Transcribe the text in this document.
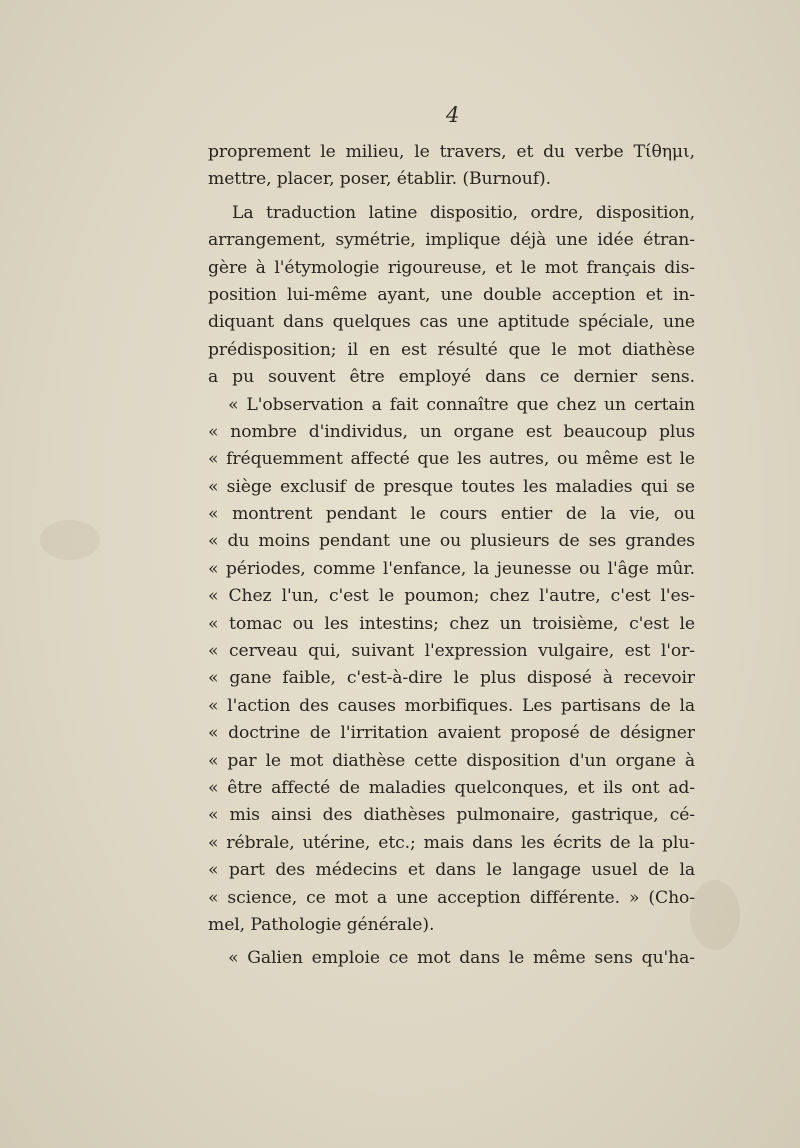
4
proprement le milieu, le travers, et du verbe Τίθημι,
mettre, placer, poser, établir. (Burnouf).
La traduction latine dispositio, ordre, disposition,
arrangement, symétrie, implique déjà une idée étran-
gère à l'étymologie rigoureuse, et le mot français dis-
position lui-même ayant, une double acception et in-
diquant dans quelques cas une aptitude spéciale, une
prédisposition; il en est résulté que le mot diathèse
a pu souvent être employé dans ce dernier sens.
« L'observation a fait connaître que chez un certain
« nombre d'individus, un organe est beaucoup plus
« fréquemment affecté que les autres, ou même est le
« siège exclusif de presque toutes les maladies qui se
« montrent pendant le cours entier de la vie, ou
« du moins pendant une ou plusieurs de ses grandes
« périodes, comme l'enfance, la jeunesse ou l'âge mûr.
« Chez l'un, c'est le poumon; chez l'autre, c'est l'es-
« tomac ou les intestins; chez un troisième, c'est le
« cerveau qui, suivant l'expression vulgaire, est l'or-
« gane faible, c'est-à-dire le plus disposé à recevoir
« l'action des causes morbifiques. Les partisans de la
« doctrine de l'irritation avaient proposé de désigner
« par le mot diathèse cette disposition d'un organe à
« être affecté de maladies quelconques, et ils ont ad-
« mis ainsi des diathèses pulmonaire, gastrique, cé-
« rébrale, utérine, etc.; mais dans les écrits de la plu-
« part des médecins et dans le langage usuel de la
« science, ce mot a une acception différente. » (Cho-
mel, Pathologie générale).
« Galien emploie ce mot dans le même sens qu'ha-
